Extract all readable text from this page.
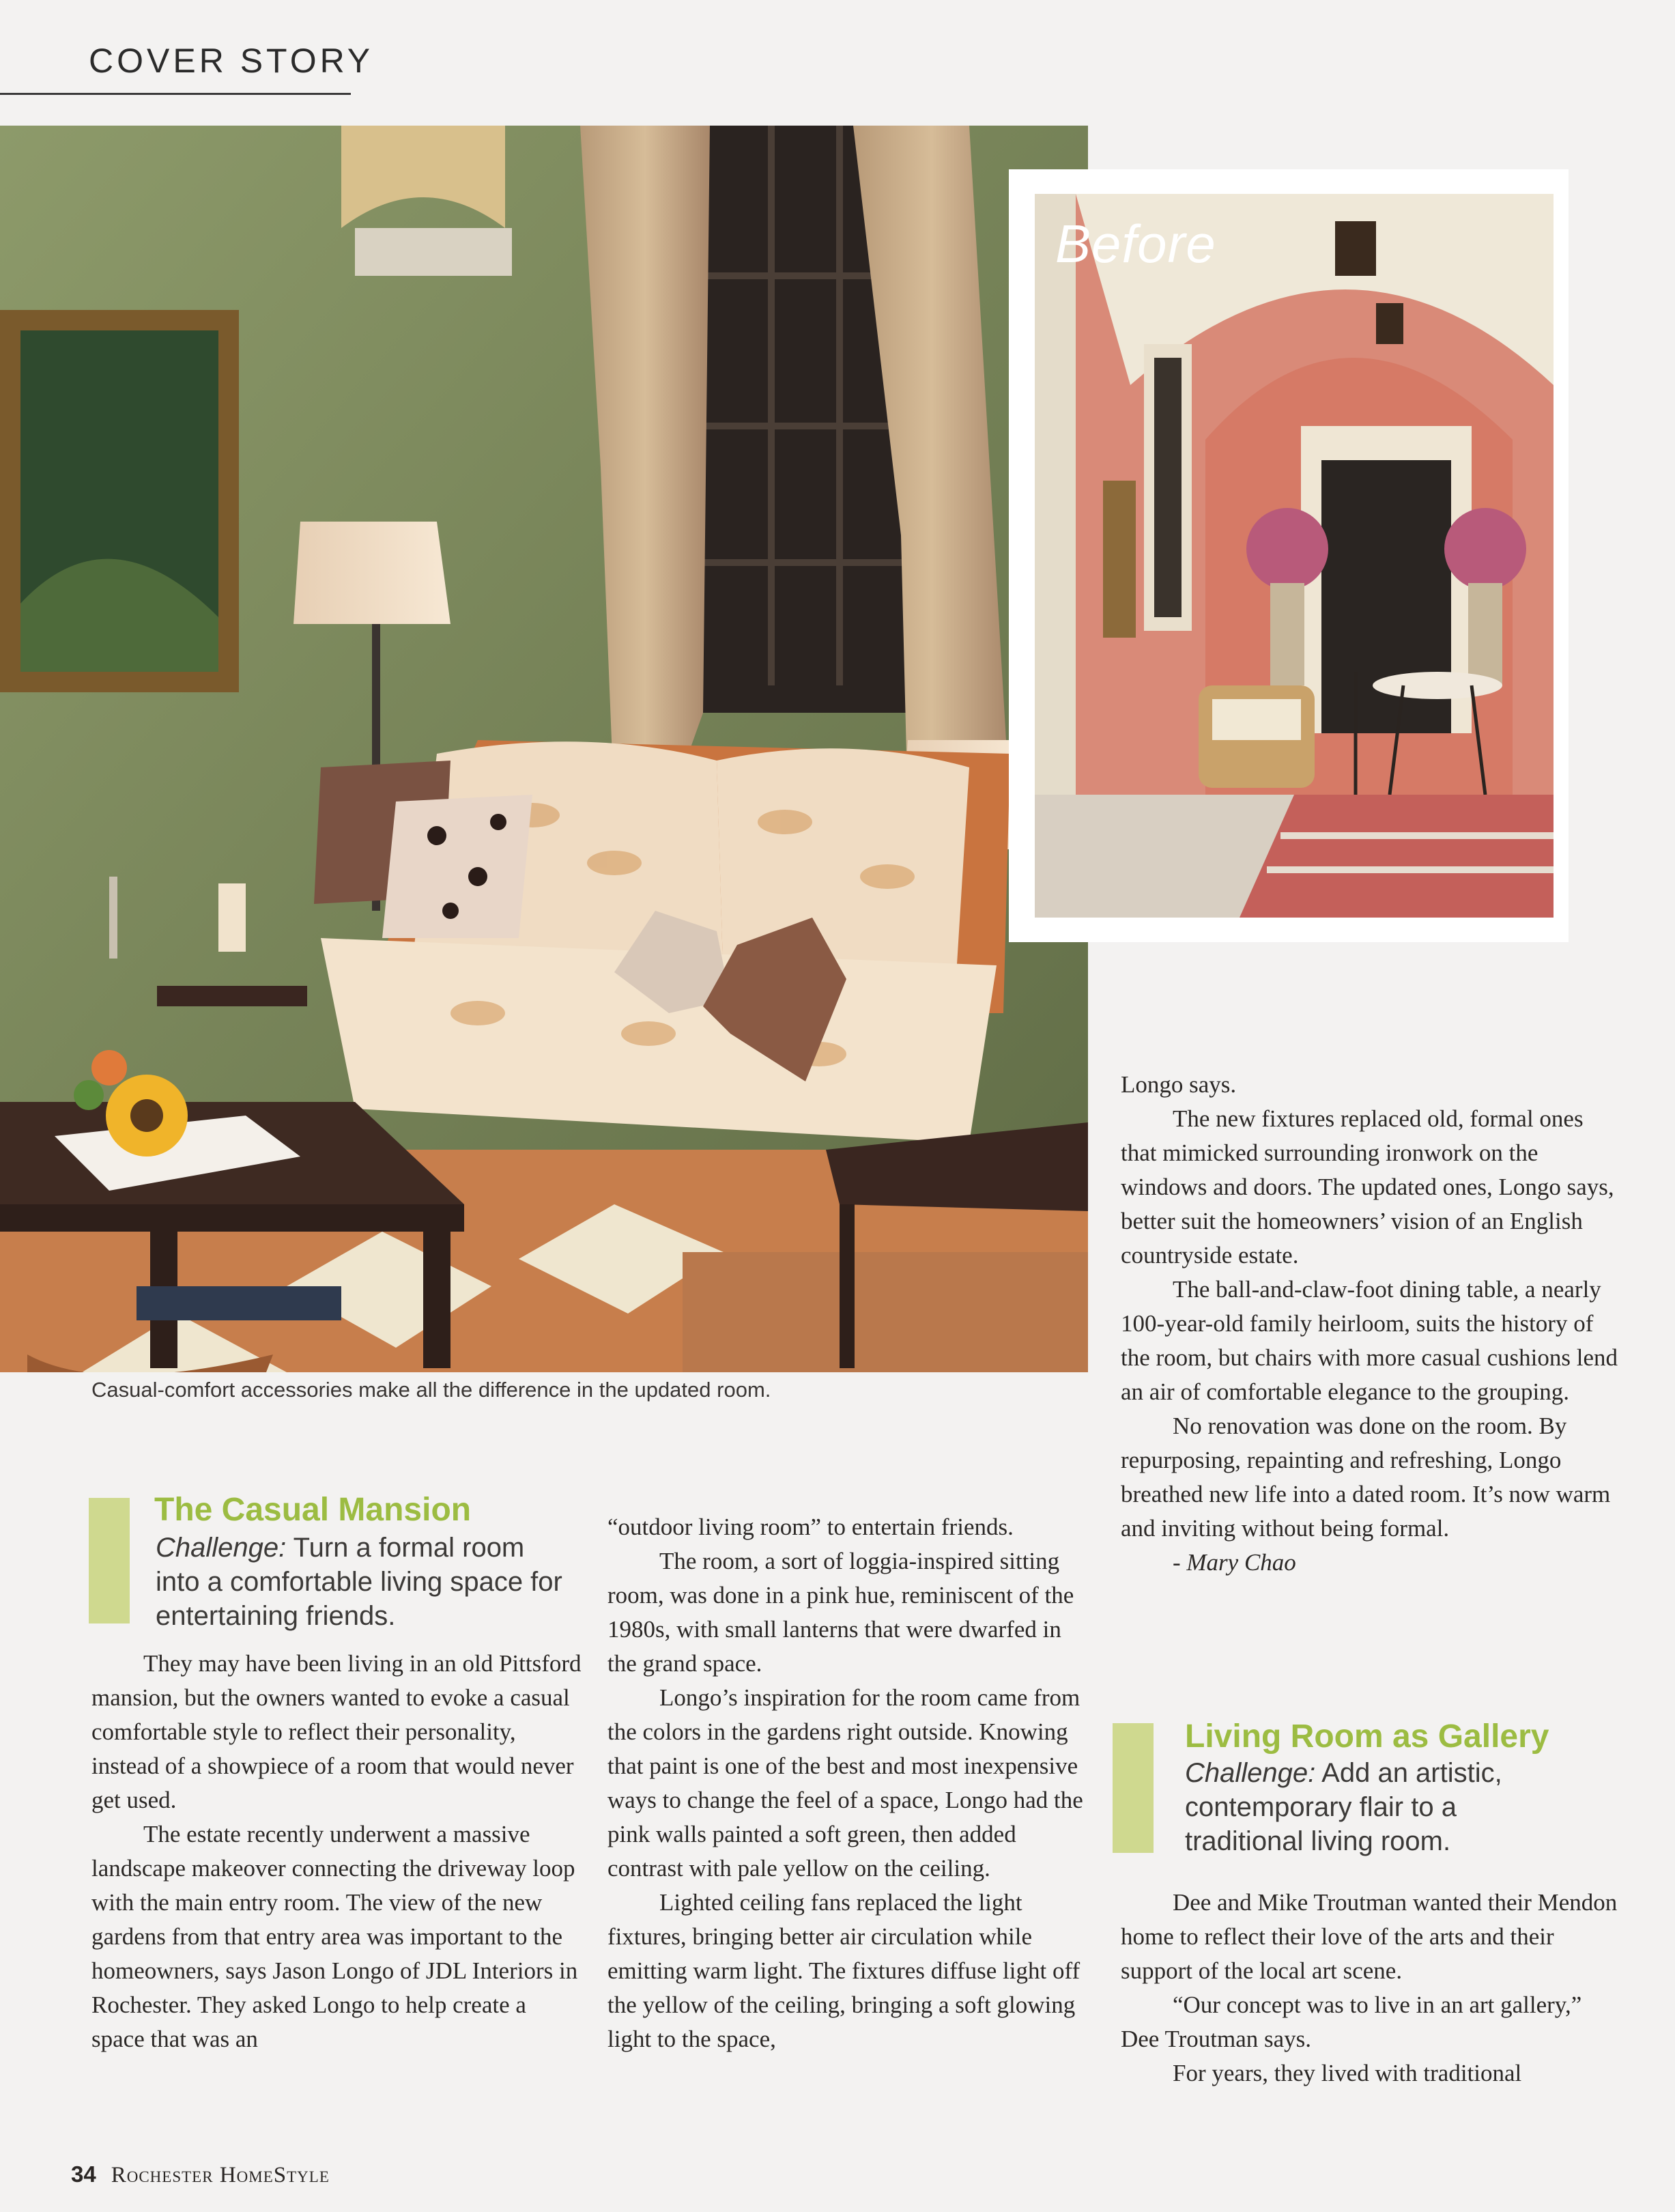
COVER STORY
Casual-comfort accessories make all the difference in the updated room.
Before
The Casual Mansion
Challenge: Turn a formal room into a comfortable living space for entertaining friends.

They may have been living in an old Pittsford mansion, but the owners wanted to evoke a casual comfortable style to reflect their personality, instead of a showpiece of a room that would never get used.

The estate recently underwent a massive landscape makeover connecting the driveway loop with the main entry room. The view of the new gardens from that entry area was important to the homeowners, says Jason Longo of JDL Interiors in Rochester. They asked Longo to help create a space that was an

“outdoor living room” to entertain friends.

The room, a sort of loggia-inspired sitting room, was done in a pink hue, reminiscent of the 1980s, with small lanterns that were dwarfed in the grand space.

Longo’s inspiration for the room came from the colors in the gardens right outside. Knowing that paint is one of the best and most inexpensive ways to change the feel of a space, Longo had the pink walls painted a soft green, then added contrast with pale yellow on the ceiling.

Lighted ceiling fans replaced the light fixtures, bringing better air circulation while emitting warm light. The fixtures diffuse light off the yellow of the ceiling, bringing a soft glowing light to the space,

Longo says.

The new fixtures replaced old, formal ones that mimicked surrounding ironwork on the windows and doors. The updated ones, Longo says, better suit the homeowners’ vision of an English countryside estate.

The ball-and-claw-foot dining table, a nearly 100-year-old family heirloom, suits the history of the room, but chairs with more casual cushions lend an air of comfortable elegance to the grouping.

No renovation was done on the room. By repurposing, repainting and refreshing, Longo breathed new life into a dated room. It’s now warm and inviting without being formal.

- Mary Chao

Living Room as Gallery
Challenge: Add an artistic, contemporary flair to a traditional living room.

Dee and Mike Troutman wanted their Mendon home to reflect their love of the arts and their support of the local art scene.

“Our concept was to live in an art gallery,” Dee Troutman says.

For years, they lived with traditional

34 Rochester HomeStyle
